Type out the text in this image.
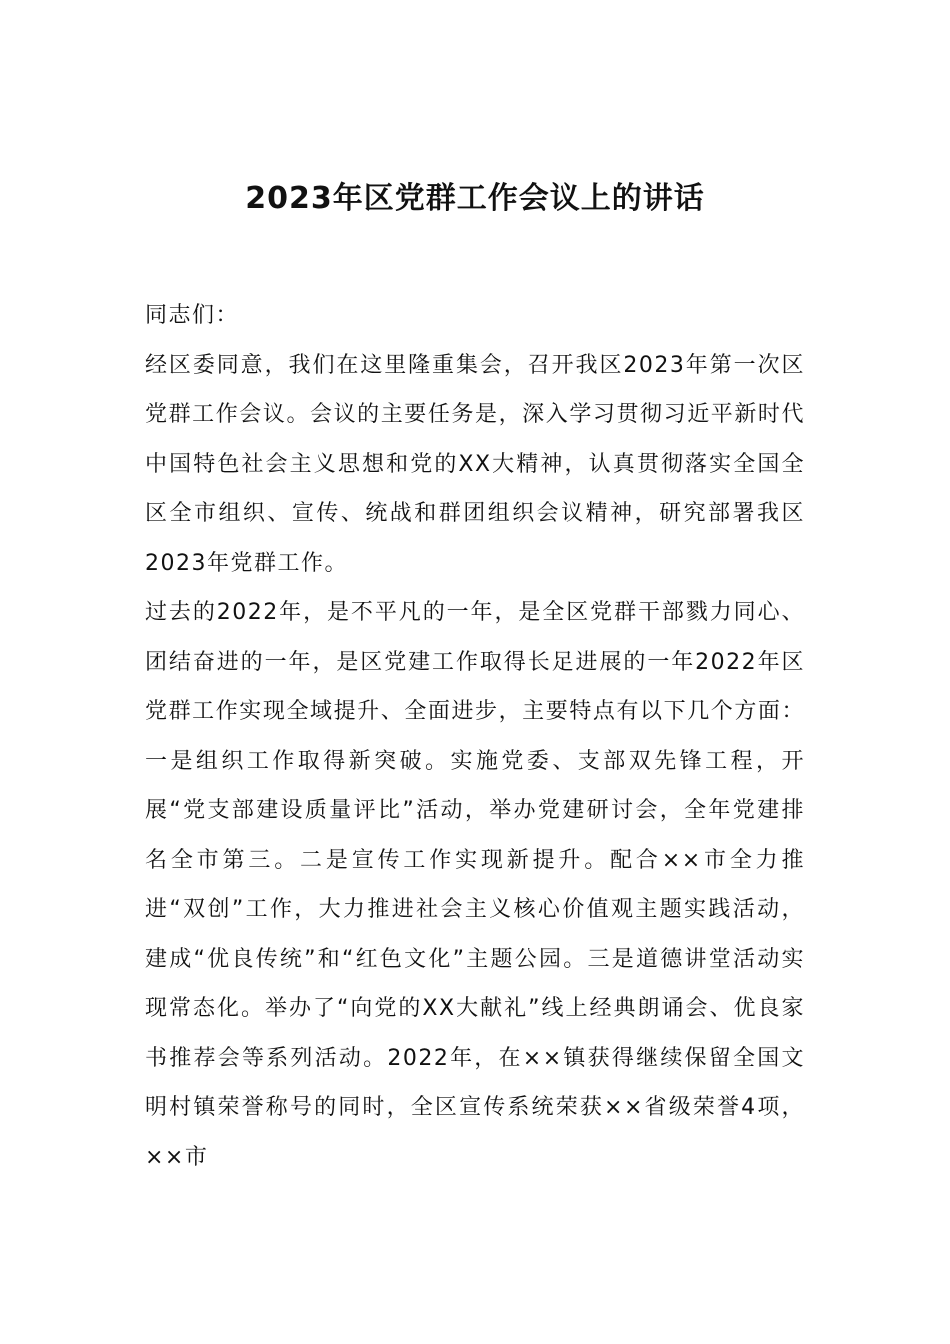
2023年区党群工作会议上的讲话

同志们：

经区委同意，我们在这里隆重集会，召开我区2023年第一次区党群工作会议。会议的主要任务是，深入学习贯彻习近平新时代中国特色社会主义思想和党的XX大精神，认真贯彻落实全国全区全市组织、宣传、统战和群团组织会议精神，研究部署我区2023年党群工作。

过去的2022年，是不平凡的一年，是全区党群干部戮力同心、团结奋进的一年，是区党建工作取得长足进展的一年2022年区党群工作实现全域提升、全面进步，主要特点有以下几个方面：一是组织工作取得新突破。实施党委、支部双先锋工程，开展“党支部建设质量评比”活动，举办党建研讨会，全年党建排名全市第三。二是宣传工作实现新提升。配合××市全力推进“双创”工作，大力推进社会主义核心价值观主题实践活动，建成“优良传统”和“红色文化”主题公园。三是道德讲堂活动实现常态化。举办了“向党的XX大献礼”线上经典朗诵会、优良家书推荐会等系列活动。2022年，在××镇获得继续保留全国文明村镇荣誉称号的同时，全区宣传系统荣获××省级荣誉4项，××市
